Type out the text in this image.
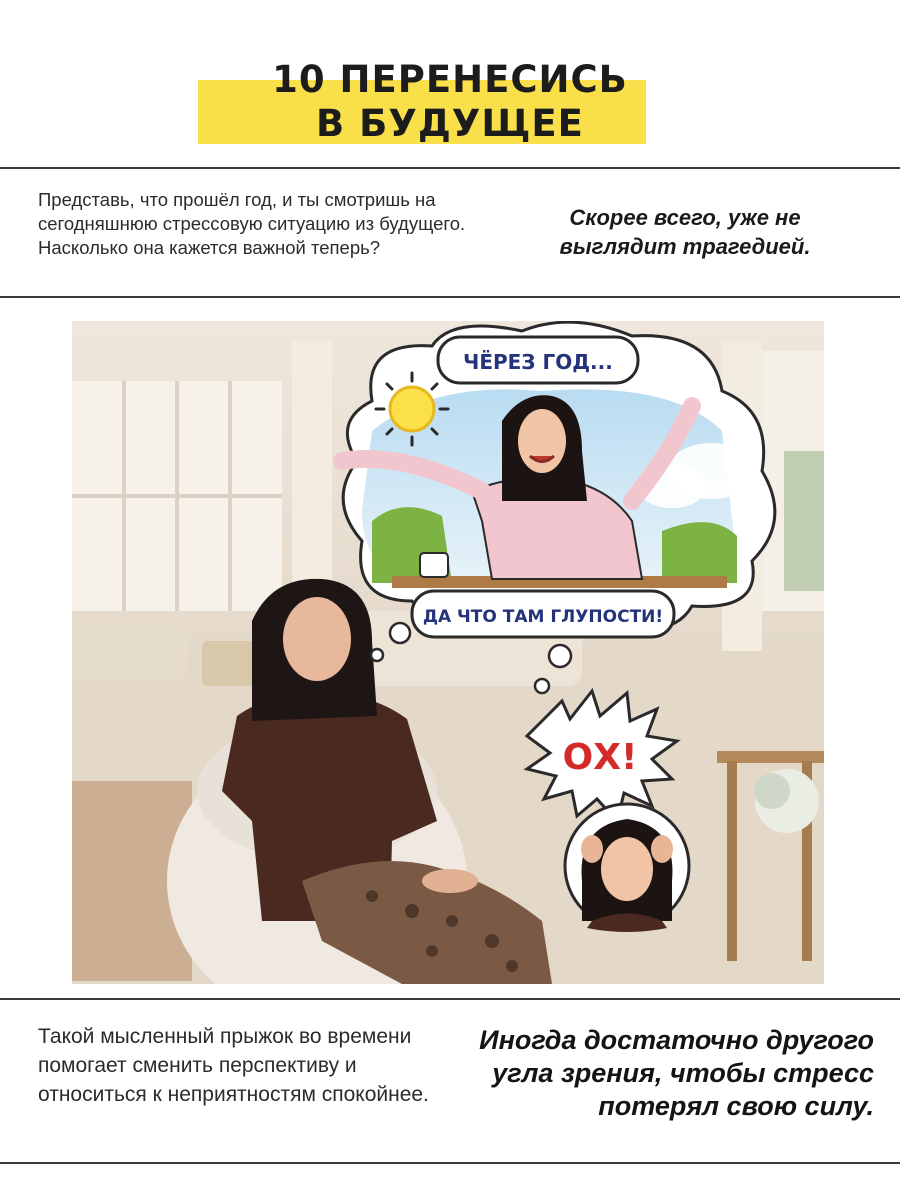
10 ПЕРЕНЕСИСЬ
В БУДУЩЕЕ
Представь, что прошёл год, и ты смотришь на сегодняшнюю стрессовую ситуацию из будущего. Насколько она кажется важной теперь?
Скорее всего, уже не выглядит трагедией.
ЧЁРЕЗ ГОД...
ДА ЧТО ТАМ ГЛУПОСТИ!
ОХ!
Такой мысленный прыжок во времени помогает сменить перспективу и относиться к неприятностям спокойнее.
Иногда достаточно другого угла зрения, чтобы стресс потерял свою силу.
